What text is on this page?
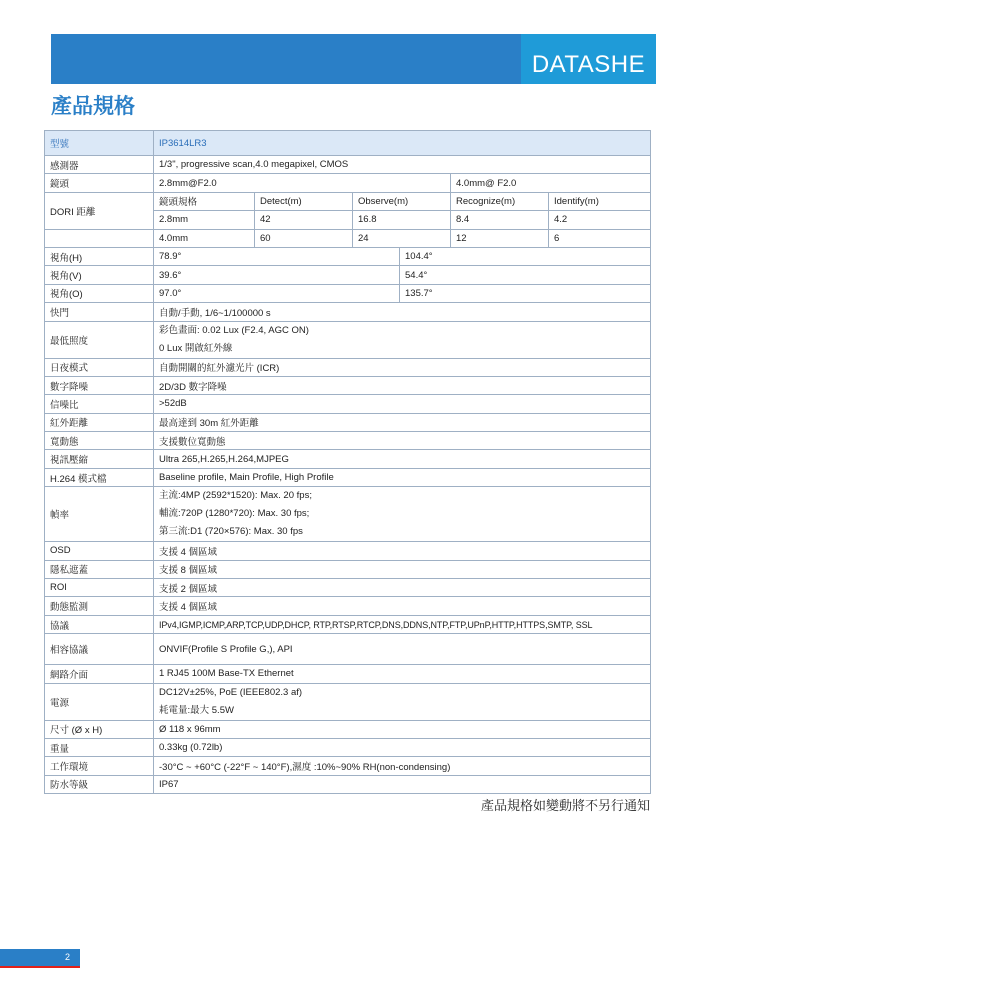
DATASHE
產品規格
型號	IP3614LR3					
感測器	1/3", progressive scan,4.0 megapixel, CMOS					
鏡頭	2.8mm@F2.0				4.0mm@ F2.0	
DORI 距離	鏡頭規格	Detect(m)	Observe(m)		Recognize(m)	Identify(m)
	2.8mm	42	16.8		8.4	4.2
	4.0mm	60	24		12	6
視角(H)	78.9°			104.4°		
視角(V)	39.6°			54.4°		
視角(O)	97.0°			135.7°		
快門	自動/手動, 1/6~1/100000 s					
最低照度	彩色畫面: 0.02 Lux (F2.4, AGC ON)
0 Lux 開啟紅外線					

日夜模式	自動開關的紅外濾光片 (ICR)					
數字降噪	2D/3D 數字降噪					
信噪比	>52dB					
紅外距離	最高達到 30m 紅外距離					
寬動態	支援數位寬動態					
視訊壓縮	Ultra 265,H.265,H.264,MJPEG					
H.264 模式檔	Baseline profile, Main Profile, High Profile					
幀率	主流:4MP (2592*1520): Max. 20 fps;
輔流:720P (1280*720): Max. 30 fps;
第三流:D1 (720×576): Max. 30 fps					

OSD	支援 4 個區域					
隱私遮蓋	支援 8 個區域					
ROI	支援 2 個區域					
動態監測	支援 4 個區域					
協議	IPv4,IGMP,ICMP,ARP,TCP,UDP,DHCP, RTP,RTSP,RTCP,DNS,DDNS,NTP,FTP,UPnP,HTTP,HTTPS,SMTP, SSL					
相容協議	ONVIF(Profile S Profile G,), API					
網路介面	1 RJ45 100M Base-TX Ethernet					
電源	DC12V±25%, PoE (IEEE802.3 af)
耗電量:最大 5.5W					

尺寸 (Ø x H)	Ø 118 x 96mm					
重量	0.33kg (0.72lb)					
工作環境	-30°C ~ +60°C (-22°F ~ 140°F),濕度 :10%~90% RH(non-condensing)					
防水等級	IP67					
產品規格如變動將不另行通知
2
